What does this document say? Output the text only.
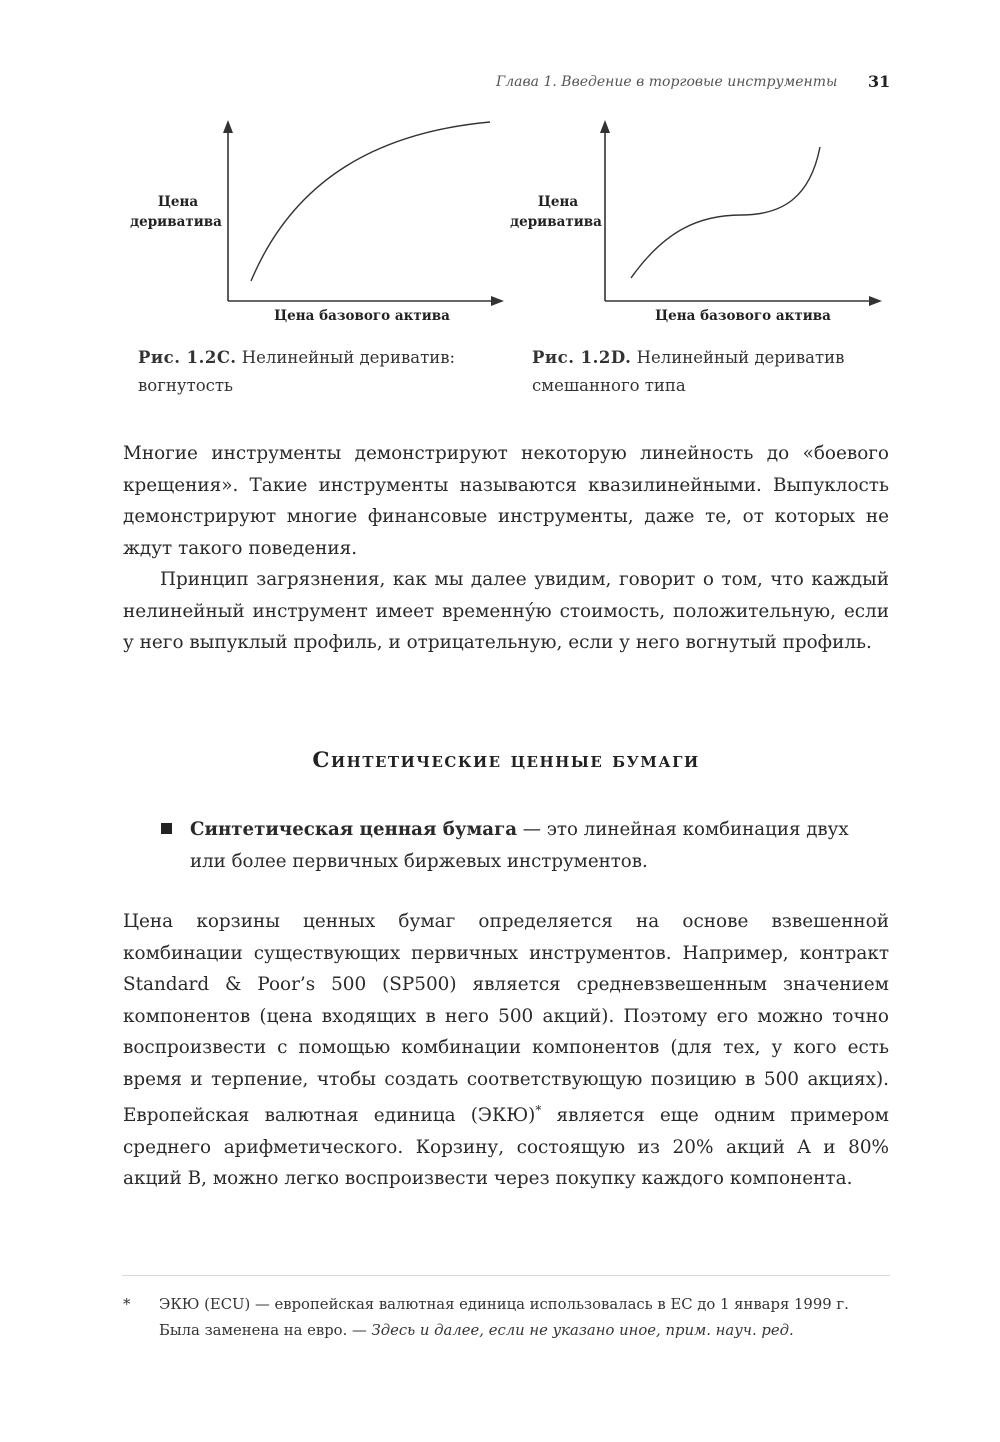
Глава 1. Введение в торговые инструменты 31
Цена
деривативa
Цена базового актива
Цена
деривативa
Цена базового актива
Рис. 1.2C. Нелинейный дериватив:
вогнутость
Рис. 1.2D. Нелинейный дериватив
смешанного типа

Многие инструменты демонстрируют некоторую линейность до «боевого крещения». Такие инструменты называются квазилинейными. Выпуклость демонстрируют многие финансовые инструменты, даже те, от которых не ждут такого поведения.

Принцип загрязнения, как мы далее увидим, говорит о том, что каждый нелинейный инструмент имеет временну́ю стоимость, положительную, если у него выпуклый профиль, и отрицательную, если у него вогнутый профиль.

Синтетические ценные бумаги
Синтетическая ценная бумага — это линейная комбинация двух или более первичных биржевых инструментов.

Цена корзины ценных бумаг определяется на основе взвешенной комбинации существующих первичных инструментов. Например, контракт Standard & Poor’s 500 (SP500) является средневзвешенным значением компонентов (цена входящих в него 500 акций). Поэтому его можно точно воспроизвести с помощью комбинации компонентов (для тех, у кого есть время и терпение, чтобы создать соответствующую позицию в 500 акциях). Европейская валютная единица (ЭКЮ)* является еще одним примером среднего арифметического. Корзину, состоящую из 20% акций A и 80% акций B, можно легко воспроизвести через покупку каждого компонента.

* ЭКЮ (ECU) — европейская валютная единица использовалась в ЕС до 1 января 1999 г. Была заменена на евро. — Здесь и далее, если не указано иное, прим. науч. ред.
